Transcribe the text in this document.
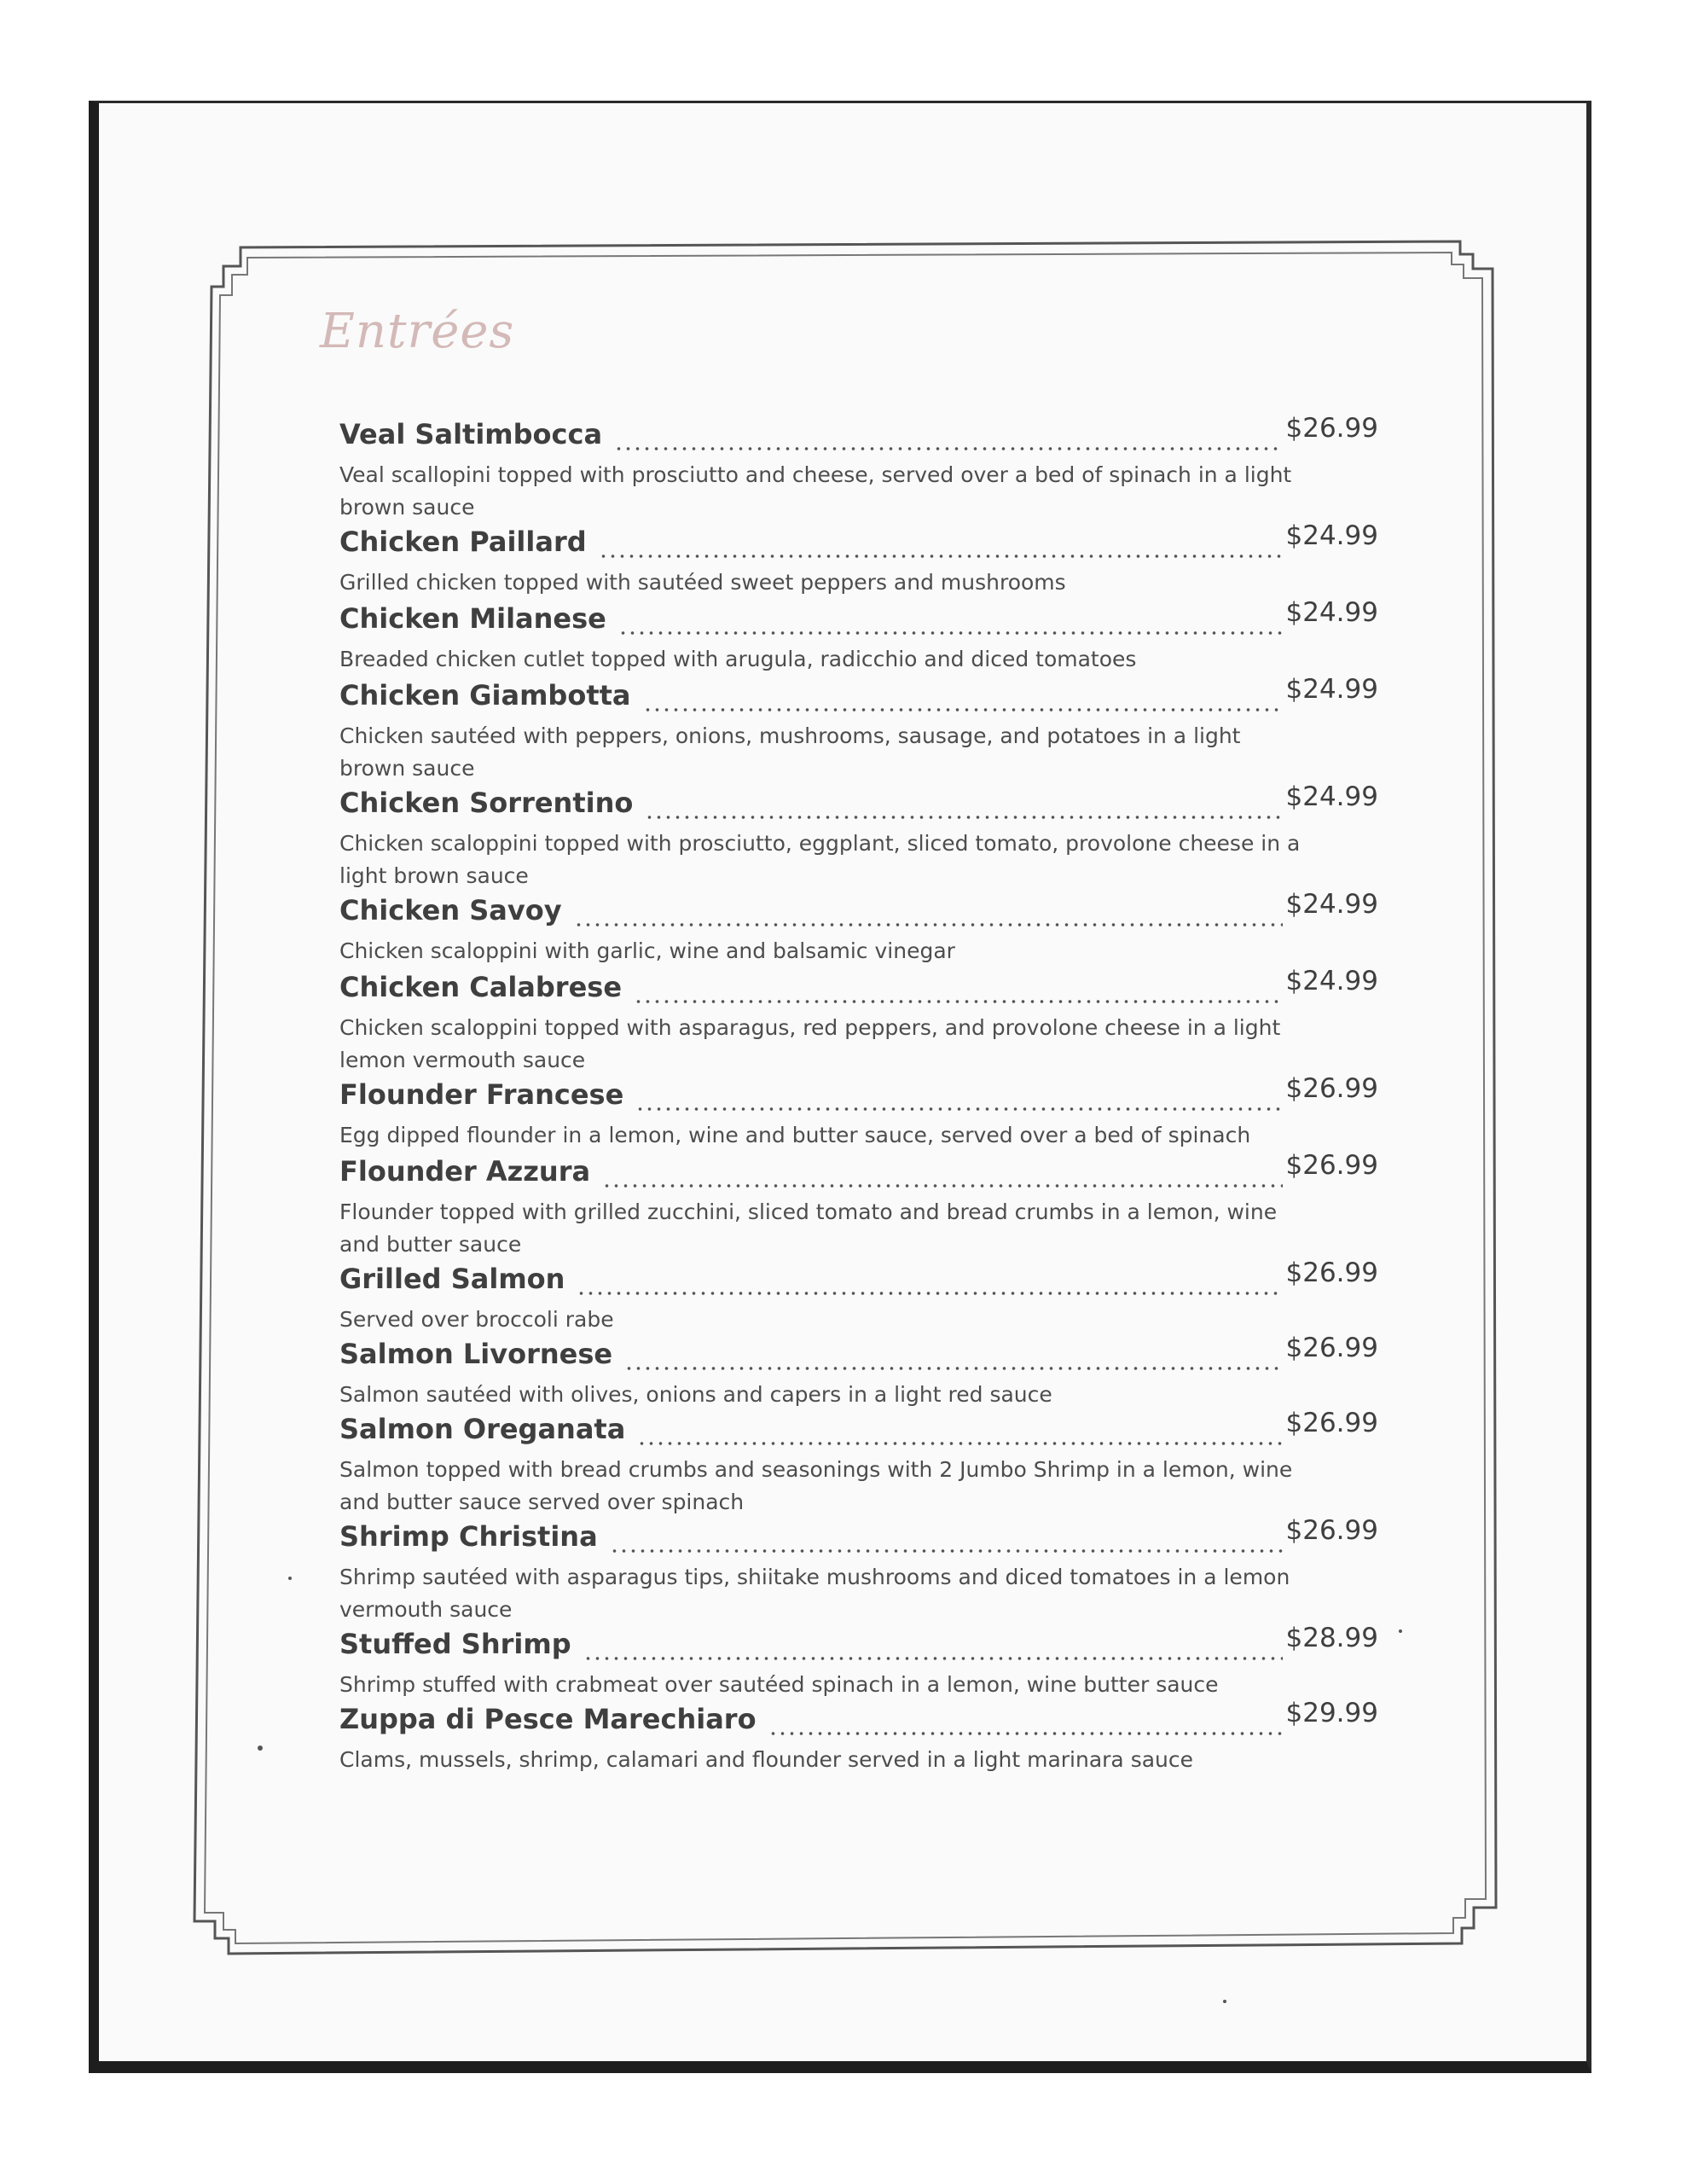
Entrées
Veal Saltimbocca	$26.99

Veal scallopini topped with prosciutto and cheese, served over a bed of spinach in a light brown sauce

Chicken Paillard	$24.99

Grilled chicken topped with sautéed sweet peppers and mushrooms

Chicken Milanese	$24.99

Breaded chicken cutlet topped with arugula, radicchio and diced tomatoes

Chicken Giambotta	$24.99

Chicken sautéed with peppers, onions, mushrooms, sausage, and potatoes in a light brown sauce

Chicken Sorrentino	$24.99

Chicken scaloppini topped with prosciutto, eggplant, sliced tomato, provolone cheese in a light brown sauce

Chicken Savoy	$24.99

Chicken scaloppini with garlic, wine and balsamic vinegar

Chicken Calabrese	$24.99

Chicken scaloppini topped with asparagus, red peppers, and provolone cheese in a light lemon vermouth sauce

Flounder Francese	$26.99

Egg dipped flounder in a lemon, wine and butter sauce, served over a bed of spinach

Flounder Azzura	$26.99

Flounder topped with grilled zucchini, sliced tomato and bread crumbs in a lemon, wine and butter sauce

Grilled Salmon	$26.99

Served over broccoli rabe

Salmon Livornese	$26.99

Salmon sautéed with olives, onions and capers in a light red sauce

Salmon Oreganata	$26.99

Salmon topped with bread crumbs and seasonings with 2 Jumbo Shrimp in a lemon, wine and butter sauce served over spinach

Shrimp Christina	$26.99

Shrimp sautéed with asparagus tips, shiitake mushrooms and diced tomatoes in a lemon vermouth sauce

Stuffed Shrimp	$28.99

Shrimp stuffed with crabmeat over sautéed spinach in a lemon, wine butter sauce

Zuppa di Pesce Marechiaro	$29.99

Clams, mussels, shrimp, calamari and flounder served in a light marinara sauce
